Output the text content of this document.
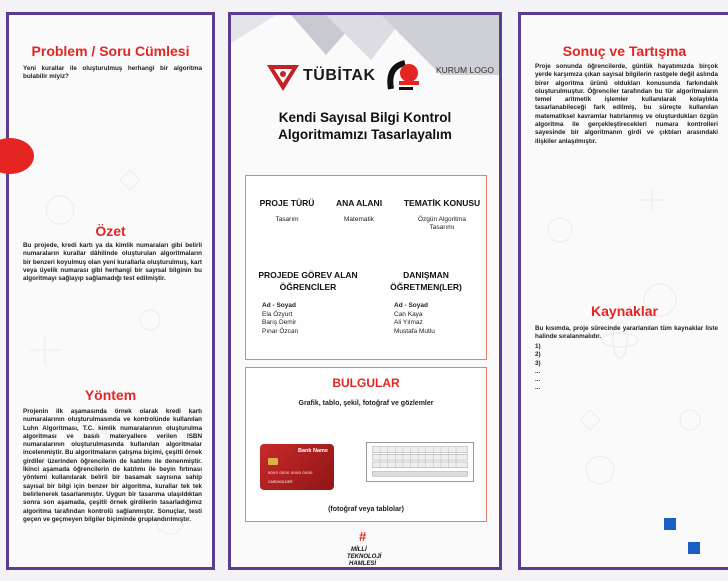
Problem / Soru Cümlesi
Yeni kurallar ile oluşturulmuş herhangi bir algoritma bulabilir miyiz?
Özet
Bu projede, kredi kartı ya da kimlik numaraları gibi belirli numaraların kurallar dâhilinde oluşturulan algoritmaların bir benzeri koyulmuş olan yeni kurallarla oluşturulmuş, kart veya üyelik numarası gibi herhangi bir sayısal bilginin bu algoritmayı sağlayıp sağlamadığı test edilmiştir.
Yöntem
Projenin ilk aşamasında örnek olarak kredi kartı numaralarının oluşturulmasında ve kontrolünde kullanılan Luhn Algoritması, T.C. kimlik numaralarının oluşturulma algoritması ve basılı materyallere verilen ISBN numaralarının oluşturulmasında kullanılan algoritmalar incelenmiştir. Bu algoritmaların çalışma biçimi, çeşitli örnek girdiler üzerinden öğrencilerin de katılımı ile denenmiştir. İkinci aşamada öğrencilerin de katılımı ile beyin fırtınası yöntemi kullanılarak belirli bir basamak sayısına sahip sayısal bir bilgi için benzer bir algoritma, kurallar tek tek belirlenerek tasarlanmıştır. Uygun bir tasarıma ulaşıldıktan sonra son aşamada, çeşitli örnek girdilerin tasarladığımız algoritma tarafından kontrolü sağlanmıştır. Sonuçlar, testi geçen ve geçmeyen bilgiler biçiminde gruplandırılmıştır.
TÜBİTAK	KURUM LOGO
Kendi Sayısal Bilgi Kontrol
Algoritmamızı Tasarlayalım
PROJE TÜRÜ
Tasarım
ANA ALANI
Matematik
TEMATİK KONUSU
Özgün Algoritma
Tasarımı
PROJEDE GÖREV ALAN
ÖĞRENCİLER
Ad - Soyad
Ela Özyurt
Barış Demir
Pınar Özcan
DANIŞMAN
ÖĞRETMEN(LER)
Ad - Soyad
Can Kaya
Ali Yılmaz
Mustafa Mutlu
BULGULAR
Grafik, tablo, şekil, fotoğraf ve gözlemler
Bank Name
0000 0000 0000 0000
CARDHOLDER
(fotoğraf veya tablolar)
#
MİLLİ
TEKNOLOJİ
HAMLESİ
Sonuç ve Tartışma
Proje sonunda öğrencilerde, günlük hayatımızda birçok yerde karşımıza çıkan sayısal bilgilerin rastgele değil aslında birer algoritma ürünü oldukları konusunda farkındalık oluşturulmuştur. Öğrenciler tarafından bu tür algoritmaların temel aritmetik işlemler kullanılarak kolaylıkla tasarlanabileceği fark edilmiş, bu süreçte kullanılan matematiksel kavramlar hatırlanmış ve oluşturdukları özgün algoritma ile gerçekleştirecekleri numara kontrolleri sayesinde bir algoritmanın girdi ve çıktıları arasındaki ilişkiler anlaşılmıştır.
Kaynaklar
Bu kısımda, proje sürecinde yararlanılan tüm kaynaklar liste halinde sıralanmalıdır.
1)
2)
3)
...
...
...
